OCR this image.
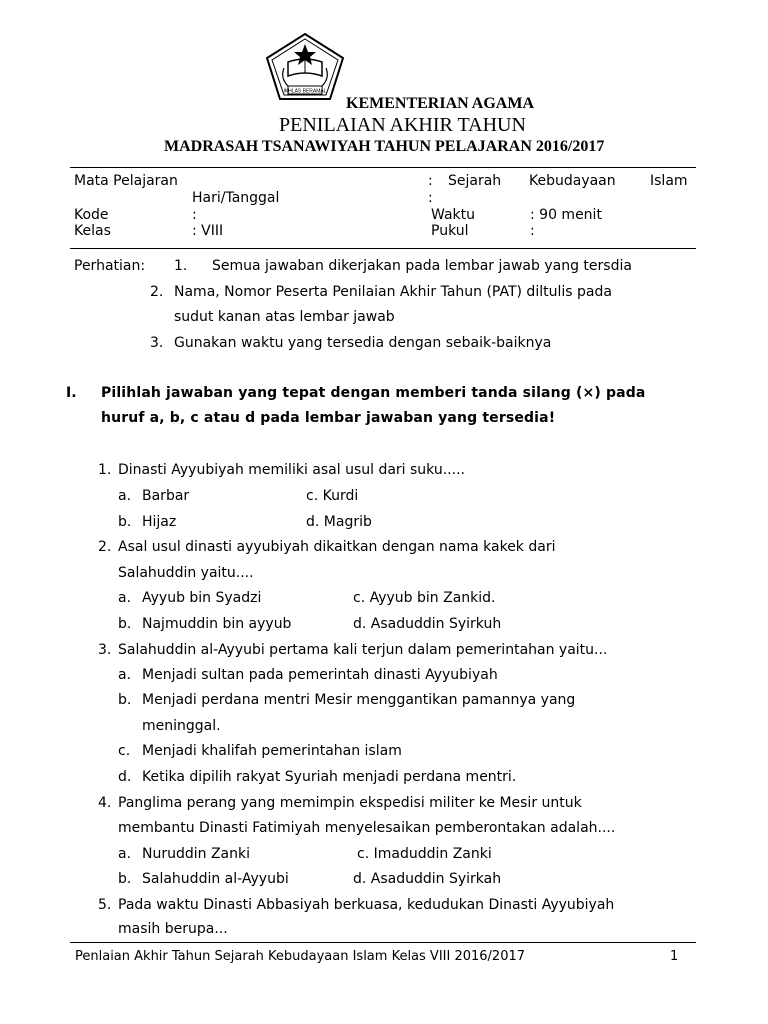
IKHLAS BERAMAL
KEMENTERIAN AGAMA
PENILAIAN AKHIR TAHUN
MADRASAH TSANAWIYAH TAHUN PELAJARAN 2016/2017
Mata Pelajaran	: Sejarah Kebudayaan Islam
Hari/Tanggal	:
Kode	:	Waktu	: 90 menit
Kelas	: VIII	Pukul	:
Perhatian: 1. Semua jawaban dikerjakan pada lembar jawab yang tersdia
2. Nama, Nomor Peserta Penilaian Akhir Tahun (PAT) diltulis pada
sudut kanan atas lembar jawab
3. Gunakan waktu yang tersedia dengan sebaik-baiknya
I. Pilihlah jawaban yang tepat dengan memberi tanda silang (×) pada
huruf a, b, c atau d pada lembar jawaban yang tersedia!
1. Dinasti Ayyubiyah memiliki asal usul dari suku.....
a. Barbar	c. Kurdi
b. Hijaz	d. Magrib
2. Asal usul dinasti ayyubiyah dikaitkan dengan nama kakek dari
Salahuddin yaitu....
a. Ayyub bin Syadzi	c. Ayyub bin Zankid.
b. Najmuddin bin ayyub	d. Asaduddin Syirkuh
3. Salahuddin al-Ayyubi pertama kali terjun dalam pemerintahan yaitu...
a. Menjadi sultan pada pemerintah dinasti Ayyubiyah
b. Menjadi perdana mentri Mesir menggantikan pamannya yang
meninggal.
c. Menjadi khalifah pemerintahan islam
d. Ketika dipilih rakyat Syuriah menjadi perdana mentri.
4. Panglima perang yang memimpin ekspedisi militer ke Mesir untuk
membantu Dinasti Fatimiyah menyelesaikan pemberontakan adalah....
a. Nuruddin Zanki	c. Imaduddin Zanki
b. Salahuddin al-Ayyubi	d. Asaduddin Syirkah
5. Pada waktu Dinasti Abbasiyah berkuasa, kedudukan Dinasti Ayyubiyah
masih berupa...
Penlaian Akhir Tahun Sejarah Kebudayaan Islam Kelas VIII 2016/2017	1
